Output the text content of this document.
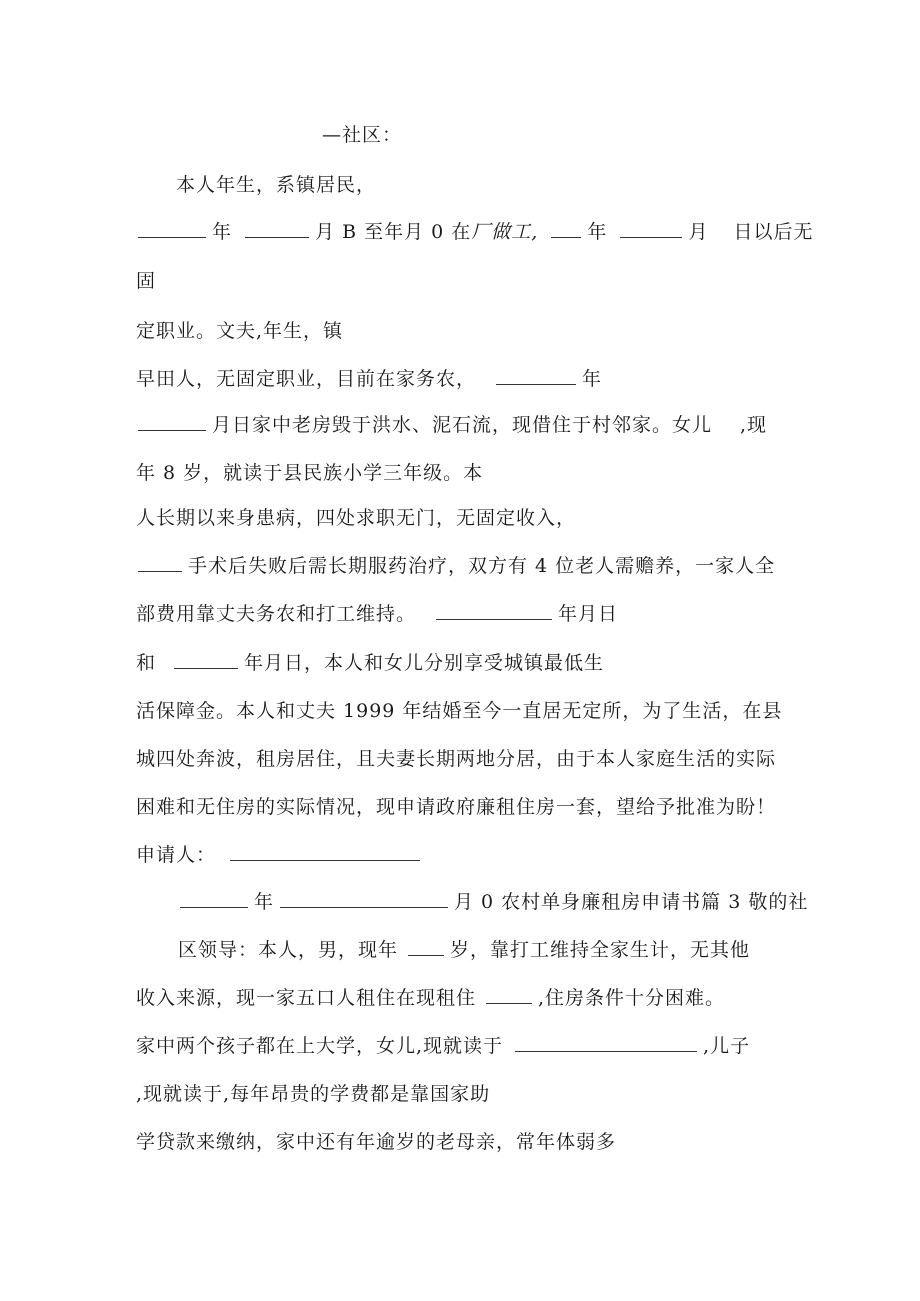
—社区：
本人年生，系镇居民，
年	月 B 至年月 0 在厂做工,	年	月 日以后无
固
定职业。文夫,年生，镇
早田人，无固定职业，目前在家务农，	年
月日家中老房毁于洪水、泥石流，现借住于村邻家。女儿 ,现
年 8 岁，就读于县民族小学三年级。本
人长期以来身患病，四处求职无门，无固定收入，
手术后失败后需长期服药治疗，双方有 4 位老人需赡养，一家人全
部费用靠丈夫务农和打工维持。	年月日
和	年月日，本人和女儿分别享受城镇最低生
活保障金。本人和丈夫 1999 年结婚至今一直居无定所，为了生活，在县
城四处奔波，租房居住，且夫妻长期两地分居，由于本人家庭生活的实际
困难和无住房的实际情况，现申请政府廉租住房一套，望给予批准为盼！
申请人：
年	月 0 农村单身廉租房申请书篇 3 敬的社
区领导：本人，男，现年	岁，靠打工维持全家生计，无其他
收入来源，现一家五口人租住在现租住	,住房条件十分困难。
家中两个孩子都在上大学，女儿,现就读于	,儿子
,现就读于,每年昂贵的学费都是靠国家助
学贷款来缴纳，家中还有年逾岁的老母亲，常年体弱多
